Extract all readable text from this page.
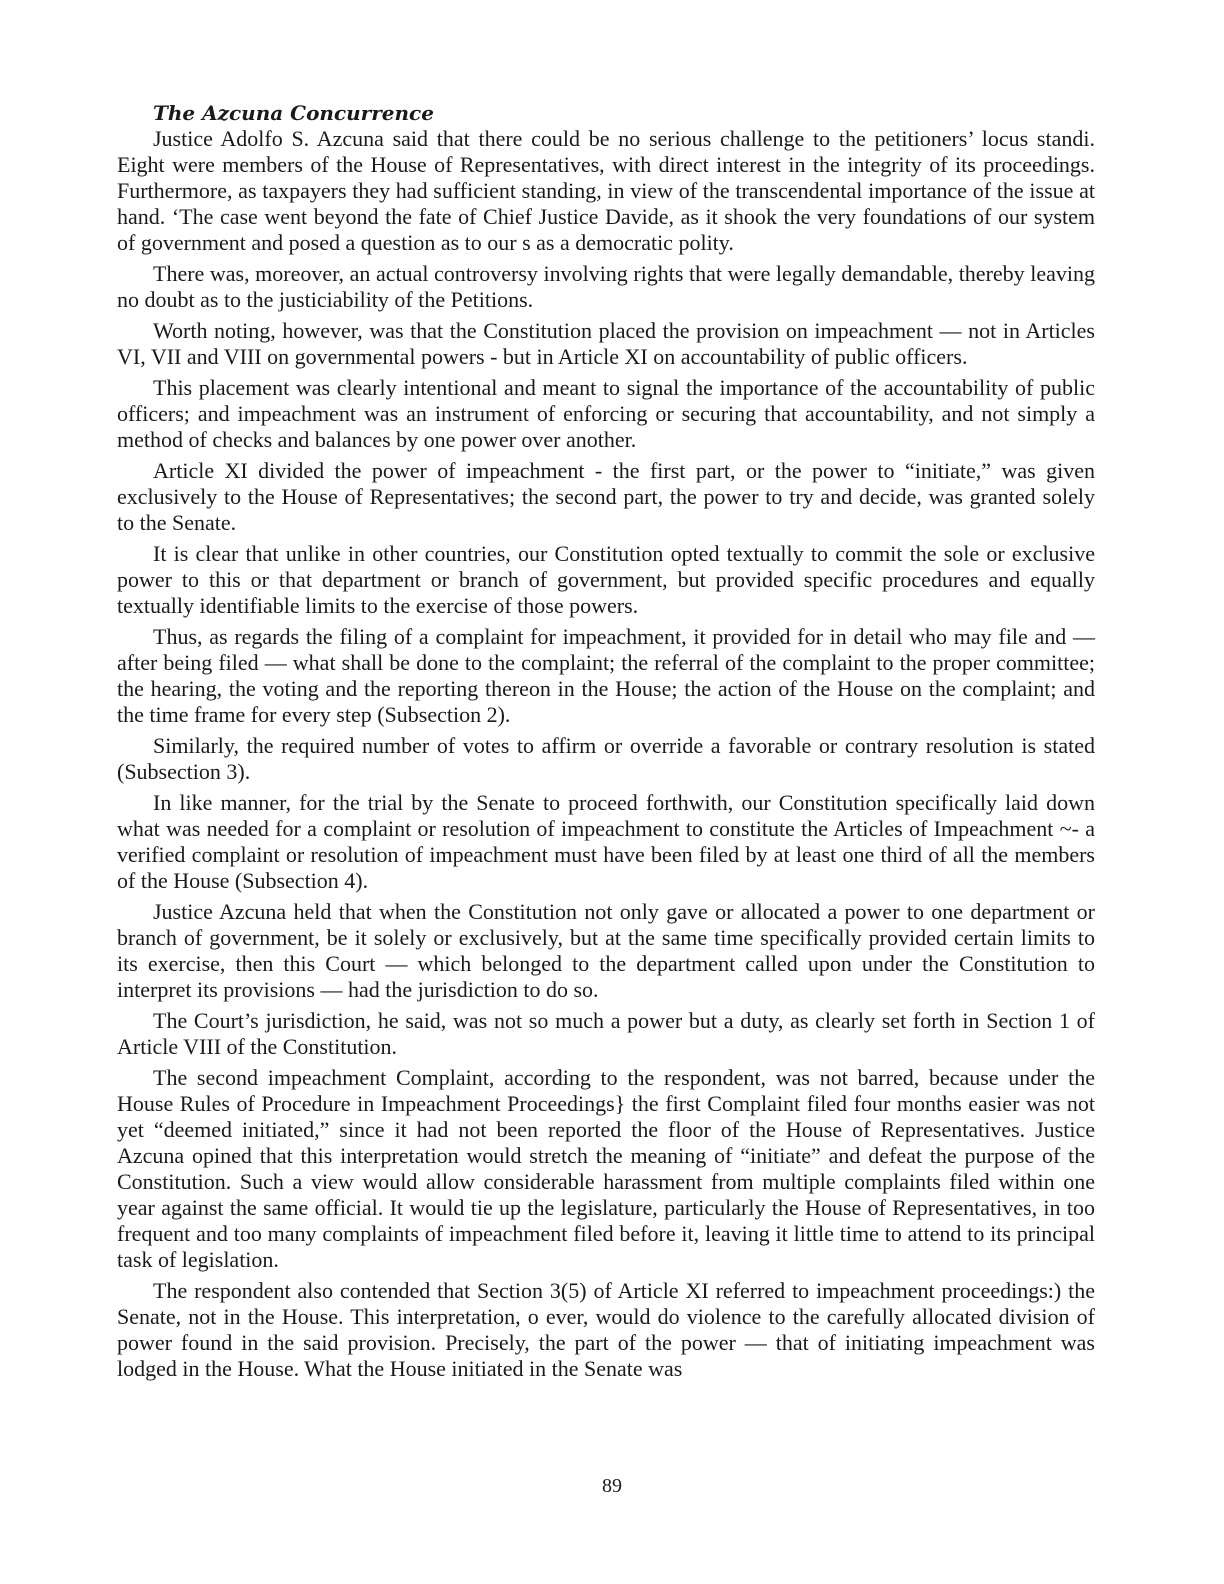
The Azcuna Concurrence

Justice Adolfo S. Azcuna said that there could be no serious challenge to the petitioners’ locus standi. Eight were members of the House of Representatives, with direct interest in the integrity of its proceedings. Furthermore, as taxpayers they had sufficient standing, in view of the transcendental importance of the issue at hand. ‘The case went beyond the fate of Chief Justice Davide, as it shook the very foundations of our system of government and posed a question as to our s as a democratic polity.

There was, moreover, an actual controversy involving rights that were legally demandable, thereby leaving no doubt as to the justiciability of the Petitions.

Worth noting, however, was that the Constitution placed the provision on impeachment — not in Articles VI, VII and VIII on governmental powers - but in Article XI on accountability of public officers.

This placement was clearly intentional and meant to signal the importance of the accountability of public officers; and impeachment was an instrument of enforcing or securing that accountability, and not simply a method of checks and balances by one power over another.

Article XI divided the power of impeachment - the first part, or the power to “initiate,” was given exclusively to the House of Representatives; the second part, the power to try and decide, was granted solely to the Senate.

It is clear that unlike in other countries, our Constitution opted textually to commit the sole or exclusive power to this or that department or branch of government, but provided specific procedures and equally textually identifiable limits to the exercise of those powers.

Thus, as regards the filing of a complaint for impeachment, it provided for in detail who may file and — after being filed — what shall be done to the complaint; the referral of the complaint to the proper committee; the hearing, the voting and the reporting thereon in the House; the action of the House on the complaint; and the time frame for every step (Subsection 2).

Similarly, the required number of votes to affirm or override a favorable or contrary resolution is stated (Subsection 3).

In like manner, for the trial by the Senate to proceed forthwith, our Constitution specifically laid down what was needed for a complaint or resolution of impeachment to constitute the Articles of Impeachment ~- a verified complaint or resolution of impeachment must have been filed by at least one third of all the members of the House (Subsection 4).

Justice Azcuna held that when the Constitution not only gave or allocated a power to one department or branch of government, be it solely or exclusively, but at the same time specifically provided certain limits to its exercise, then this Court — which belonged to the department called upon under the Constitution to interpret its provisions — had the jurisdiction to do so.

The Court’s jurisdiction, he said, was not so much a power but a duty, as clearly set forth in Section 1 of Article VIII of the Constitution.

The second impeachment Complaint, according to the respondent, was not barred, because under the House Rules of Procedure in Impeachment Proceedings} the first Complaint filed four months easier was not yet “deemed initiated,” since it had not been reported the floor of the House of Representatives. Justice Azcuna opined that this interpretation would stretch the meaning of “initiate” and defeat the purpose of the Constitution. Such a view would allow considerable harassment from multiple complaints filed within one year against the same official. It would tie up the legislature, particularly the House of Representatives, in too frequent and too many complaints of impeachment filed before it, leaving it little time to attend to its principal task of legislation.

The respondent also contended that Section 3(5) of Article XI referred to impeachment proceedings:) the Senate, not in the House. This interpretation, o ever, would do violence to the carefully allocated division of power found in the said provision. Precisely, the part of the power — that of initiating impeachment was lodged in the House. What the House initiated in the Senate was

89
